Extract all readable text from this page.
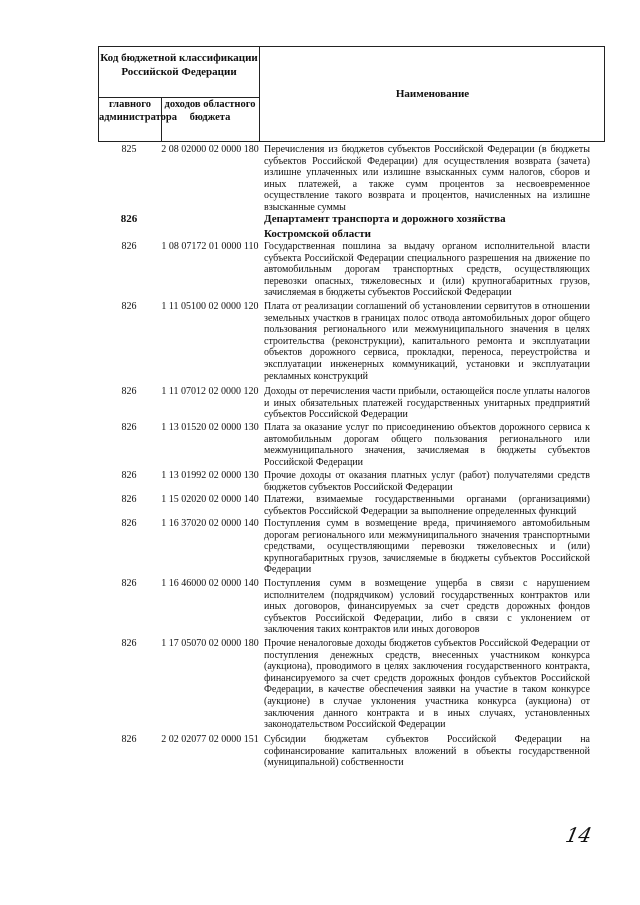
Код бюджетной классификации Российской Федерации
главного администратора
доходов областного бюджета
Наименование
825	2 08 02000 02 0000 180 Перечисления из бюджетов субъектов Российской Федерации (в бюджеты субъектов Российской Федерации) для осуществления возврата (зачета) излишне уплаченных или излишне взысканных сумм налогов, сборов и иных платежей, а также сумм процентов за несвоевременное осуществление такого возврата и процентов, начисленных на излишне взысканные суммы
826	Департамент транспорта и дорожного хозяйства Костромской области
826	1 08 07172 01 0000 110 Государственная пошлина за выдачу органом исполнительной власти субъекта Российской Федерации специального разрешения на движение по автомобильным дорогам транспортных средств, осуществляющих перевозки опасных, тяжеловесных и (или) крупногабаритных грузов, зачисляемая в бюджеты субъектов Российской Федерации
826	1 11 05100 02 0000 120 Плата от реализации соглашений об установлении сервитутов в отношении земельных участков в границах полос отвода автомобильных дорог общего пользования регионального или межмуниципального значения в целях строительства (реконструкции), капитального ремонта и эксплуатации объектов дорожного сервиса, прокладки, переноса, переустройства и эксплуатации инженерных коммуникаций, установки и эксплуатации рекламных конструкций
826	1 11 07012 02 0000 120 Доходы от перечисления части прибыли, остающейся после уплаты налогов и иных обязательных платежей государственных унитарных предприятий субъектов Российской Федерации
826	1 13 01520 02 0000 130 Плата за оказание услуг по присоединению объектов дорожного сервиса к автомобильным дорогам общего пользования регионального или межмуниципального значения, зачисляемая в бюджеты субъектов Российской Федерации
826	1 13 01992 02 0000 130 Прочие доходы от оказания платных услуг (работ) получателями средств бюджетов субъектов Российской Федерации
826	1 15 02020 02 0000 140 Платежи, взимаемые государственными органами (организациями) субъектов Российской Федерации за выполнение определенных функций
826	1 16 37020 02 0000 140 Поступления сумм в возмещение вреда, причиняемого автомобильным дорогам регионального или межмуниципального значения транспортными средствами, осуществляющими перевозки тяжеловесных и (или) крупногабаритных грузов, зачисляемые в бюджеты субъектов Российской Федерации
826	1 16 46000 02 0000 140 Поступления сумм в возмещение ущерба в связи с нарушением исполнителем (подрядчиком) условий государственных контрактов или иных договоров, финансируемых за счет средств дорожных фондов субъектов Российской Федерации, либо в связи с уклонением от заключения таких контрактов или иных договоров
826	1 17 05070 02 0000 180 Прочие неналоговые доходы бюджетов субъектов Российской Федерации от поступления денежных средств, внесенных участником конкурса (аукциона), проводимого в целях заключения государственного контракта, финансируемого за счет средств дорожных фондов субъектов Российской Федерации, в качестве обеспечения заявки на участие в таком конкурсе (аукционе) в случае уклонения участника конкурса (аукциона) от заключения данного контракта и в иных случаях, установленных законодательством Российской Федерации
826	2 02 02077 02 0000 151 Субсидии бюджетам субъектов Российской Федерации на софинансирование капитальных вложений в объекты государственной (муниципальной) собственности
14
